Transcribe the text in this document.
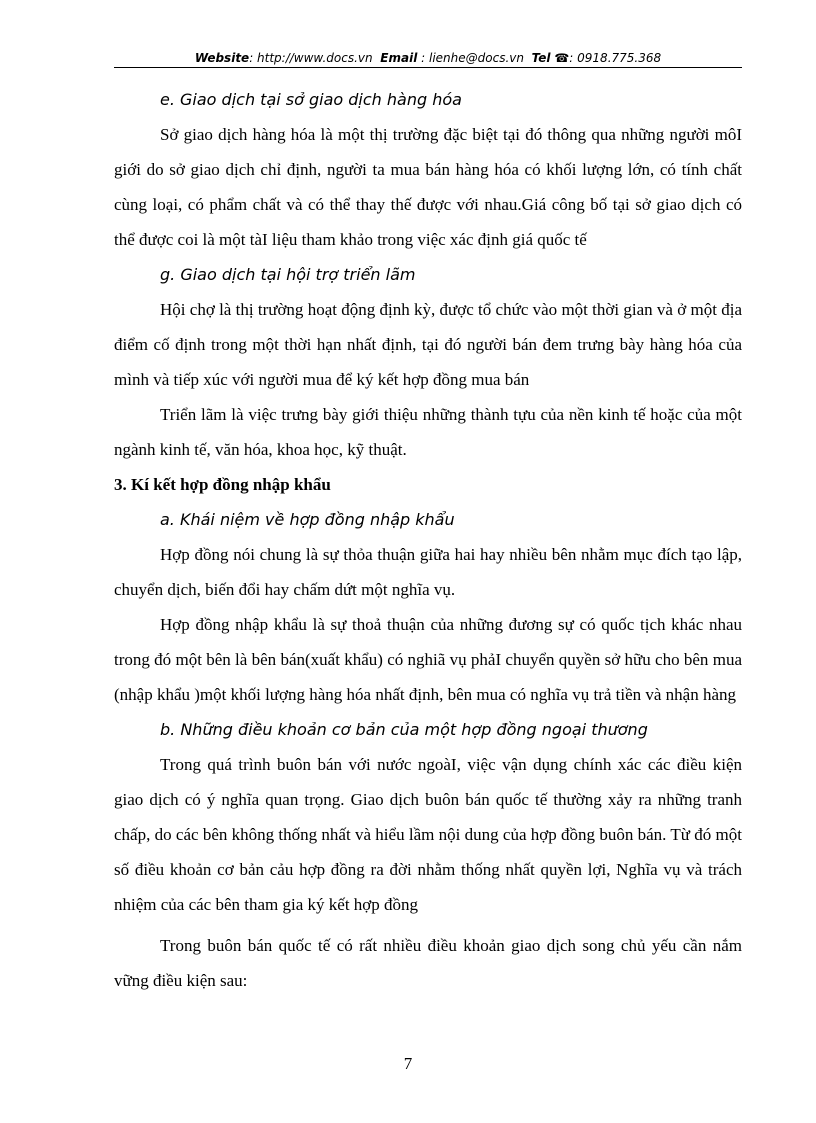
Website: http://www.docs.vn Email : lienhe@docs.vn Tel ☎: 0918.775.368

e. Giao dịch tại sở giao dịch hàng hóa

Sở giao dịch hàng hóa là một thị trường đặc biệt tại đó thông qua những người môI giới do sở giao dịch chỉ định, người ta mua bán hàng hóa có khối lượng lớn, có tính chất cùng loại, có phẩm chất và có thể thay thế được với nhau.Giá công bố tại sở giao dịch có thể được coi là một tàI liệu tham khảo trong việc xác định giá quốc tế

g. Giao dịch tại hội trợ triển lãm

Hội chợ là thị trường hoạt động định kỳ, được tổ chức vào một thời gian và ở một địa điểm cố định trong một thời hạn nhất định, tại đó người bán đem trưng bày hàng hóa của mình và tiếp xúc với người mua để ký kết hợp đồng mua bán

Triển lãm là việc trưng bày giới thiệu những thành tựu của nền kinh tế hoặc của một ngành kinh tế, văn hóa, khoa học, kỹ thuật.

3. Kí kết hợp đồng nhập khẩu

a. Khái niệm về hợp đồng nhập khẩu

Hợp đồng nói chung là sự thỏa thuận giữa hai hay nhiều bên nhằm mục đích tạo lập, chuyển dịch, biến đổi hay chấm dứt một nghĩa vụ.

Hợp đồng nhập khẩu là sự thoả thuận của những đương sự có quốc tịch khác nhau trong đó một bên là bên bán(xuất khẩu) có nghiã vụ phảI chuyển quyền sở hữu cho bên mua (nhập khẩu )một khối lượng hàng hóa nhất định, bên mua có nghĩa vụ trả tiền và nhận hàng

b. Những điều khoản cơ bản của một hợp đồng ngoại thương

Trong quá trình buôn bán với nước ngoàI, việc vận dụng chính xác các điều kiện giao dịch có ý nghĩa quan trọng. Giao dịch buôn bán quốc tế thường xảy ra những tranh chấp, do các bên không thống nhất và hiểu lầm nội dung của hợp đồng buôn bán. Từ đó một số điều khoản cơ bản cảu hợp đồng ra đời nhằm thống nhất quyền lợi, Nghĩa vụ và trách nhiệm của các bên tham gia ký kết hợp đồng

Trong buôn bán quốc tế có rất nhiều điều khoản giao dịch song chủ yếu cần nắm vững điều kiện sau:

7
